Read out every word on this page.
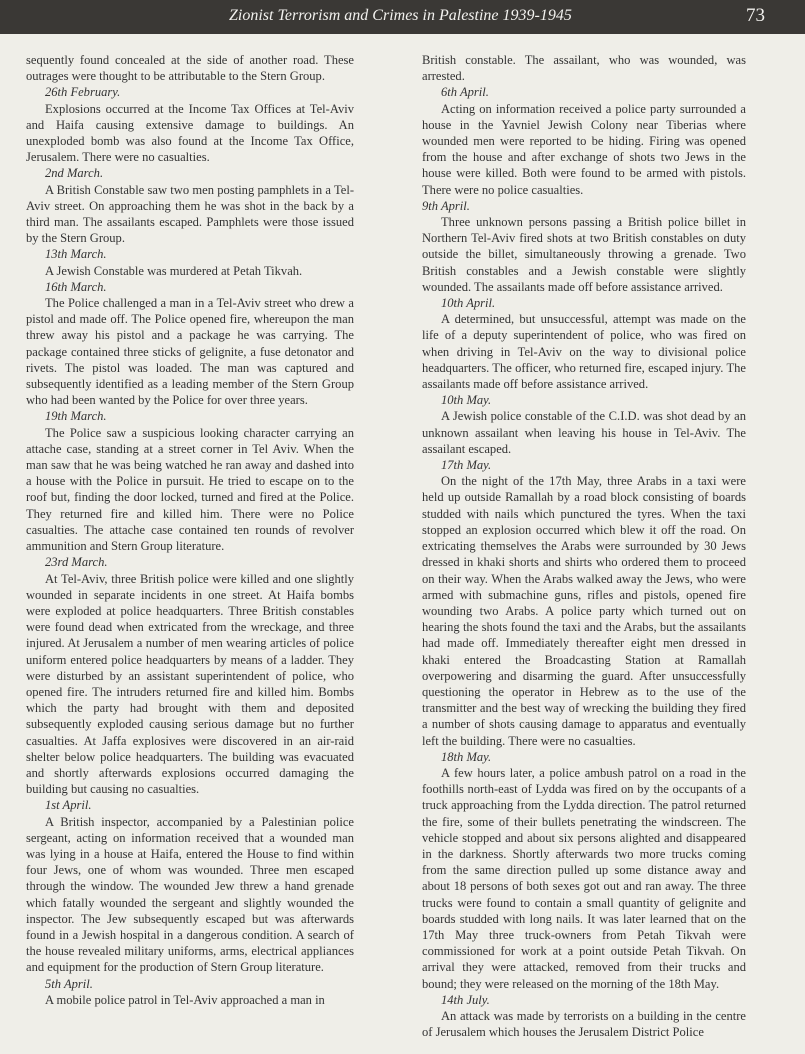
Zionist Terrorism and Crimes in Palestine 1939-1945	73

sequently found concealed at the side of another road. These outrages were thought to be attributable to the Stern Group.

26th February.

Explosions occurred at the Income Tax Offices at Tel-Aviv and Haifa causing extensive damage to buildings. An unexploded bomb was also found at the Income Tax Office, Jerusalem. There were no casualties.

2nd March.

A British Constable saw two men posting pamphlets in a Tel-Aviv street. On approaching them he was shot in the back by a third man. The assailants escaped. Pamphlets were those issued by the Stern Group.

13th March.

A Jewish Constable was murdered at Petah Tikvah.

16th March.

The Police challenged a man in a Tel-Aviv street who drew a pistol and made off. The Police opened fire, whereupon the man threw away his pistol and a package he was carrying. The package contained three sticks of gelignite, a fuse detonator and rivets. The pistol was loaded. The man was captured and subsequently identified as a leading member of the Stern Group who had been wanted by the Police for over three years.

19th March.

The Police saw a suspicious looking character carrying an attache case, standing at a street corner in Tel Aviv. When the man saw that he was being watched he ran away and dashed into a house with the Police in pursuit. He tried to escape on to the roof but, finding the door locked, turned and fired at the Police. They returned fire and killed him. There were no Police casualties. The attache case contained ten rounds of revolver ammunition and Stern Group literature.

23rd March.

At Tel-Aviv, three British police were killed and one slightly wounded in separate incidents in one street. At Haifa bombs were exploded at police headquarters. Three British constables were found dead when extricated from the wreckage, and three injured. At Jerusalem a number of men wearing articles of police uniform entered police headquarters by means of a ladder. They were disturbed by an assistant superintendent of police, who opened fire. The intruders returned fire and killed him. Bombs which the party had brought with them and deposited subsequently exploded causing serious damage but no further casualties. At Jaffa explosives were discovered in an air-raid shelter below police headquarters. The building was evacuated and shortly afterwards explosions occurred damaging the building but causing no casualties.

1st April.

A British inspector, accompanied by a Palestinian police sergeant, acting on information received that a wounded man was lying in a house at Haifa, entered the House to find within four Jews, one of whom was wounded. Three men escaped through the window. The wounded Jew threw a hand grenade which fatally wounded the sergeant and slightly wounded the inspector. The Jew subsequently escaped but was afterwards found in a Jewish hospital in a dangerous condition. A search of the house revealed military uniforms, arms, electrical appliances and equipment for the production of Stern Group literature.

5th April.

A mobile police patrol in Tel-Aviv approached a man in

British constable. The assailant, who was wounded, was arrested.

6th April.

Acting on information received a police party surrounded a house in the Yavniel Jewish Colony near Tiberias where wounded men were reported to be hiding. Firing was opened from the house and after exchange of shots two Jews in the house were killed. Both were found to be armed with pistols. There were no police casualties.

9th April.

Three unknown persons passing a British police billet in Northern Tel-Aviv fired shots at two British constables on duty outside the billet, simultaneously throwing a grenade. Two British constables and a Jewish constable were slightly wounded. The assailants made off before assistance arrived.

10th April.

A determined, but unsuccessful, attempt was made on the life of a deputy superintendent of police, who was fired on when driving in Tel-Aviv on the way to divisional police headquarters. The officer, who returned fire, escaped injury. The assailants made off before assistance arrived.

10th May.

A Jewish police constable of the C.I.D. was shot dead by an unknown assailant when leaving his house in Tel-Aviv. The assailant escaped.

17th May.

On the night of the 17th May, three Arabs in a taxi were held up outside Ramallah by a road block consisting of boards studded with nails which punctured the tyres. When the taxi stopped an explosion occurred which blew it off the road. On extricating themselves the Arabs were surrounded by 30 Jews dressed in khaki shorts and shirts who ordered them to proceed on their way. When the Arabs walked away the Jews, who were armed with submachine guns, rifles and pistols, opened fire wounding two Arabs. A police party which turned out on hearing the shots found the taxi and the Arabs, but the assailants had made off. Immediately thereafter eight men dressed in khaki entered the Broadcasting Station at Ramallah overpowering and disarming the guard. After unsuccessfully questioning the operator in Hebrew as to the use of the transmitter and the best way of wrecking the building they fired a number of shots causing damage to apparatus and eventually left the building. There were no casualties.

18th May.

A few hours later, a police ambush patrol on a road in the foothills north-east of Lydda was fired on by the occupants of a truck approaching from the Lydda direction. The patrol returned the fire, some of their bullets penetrating the windscreen. The vehicle stopped and about six persons alighted and disappeared in the darkness. Shortly afterwards two more trucks coming from the same direction pulled up some distance away and about 18 persons of both sexes got out and ran away. The three trucks were found to contain a small quantity of gelignite and boards studded with long nails. It was later learned that on the 17th May three truck-owners from Petah Tikvah were commissioned for work at a point outside Petah Tikvah. On arrival they were attacked, removed from their trucks and bound; they were released on the morning of the 18th May.

14th July.

An attack was made by terrorists on a building in the centre of Jerusalem which houses the Jerusalem District Police
